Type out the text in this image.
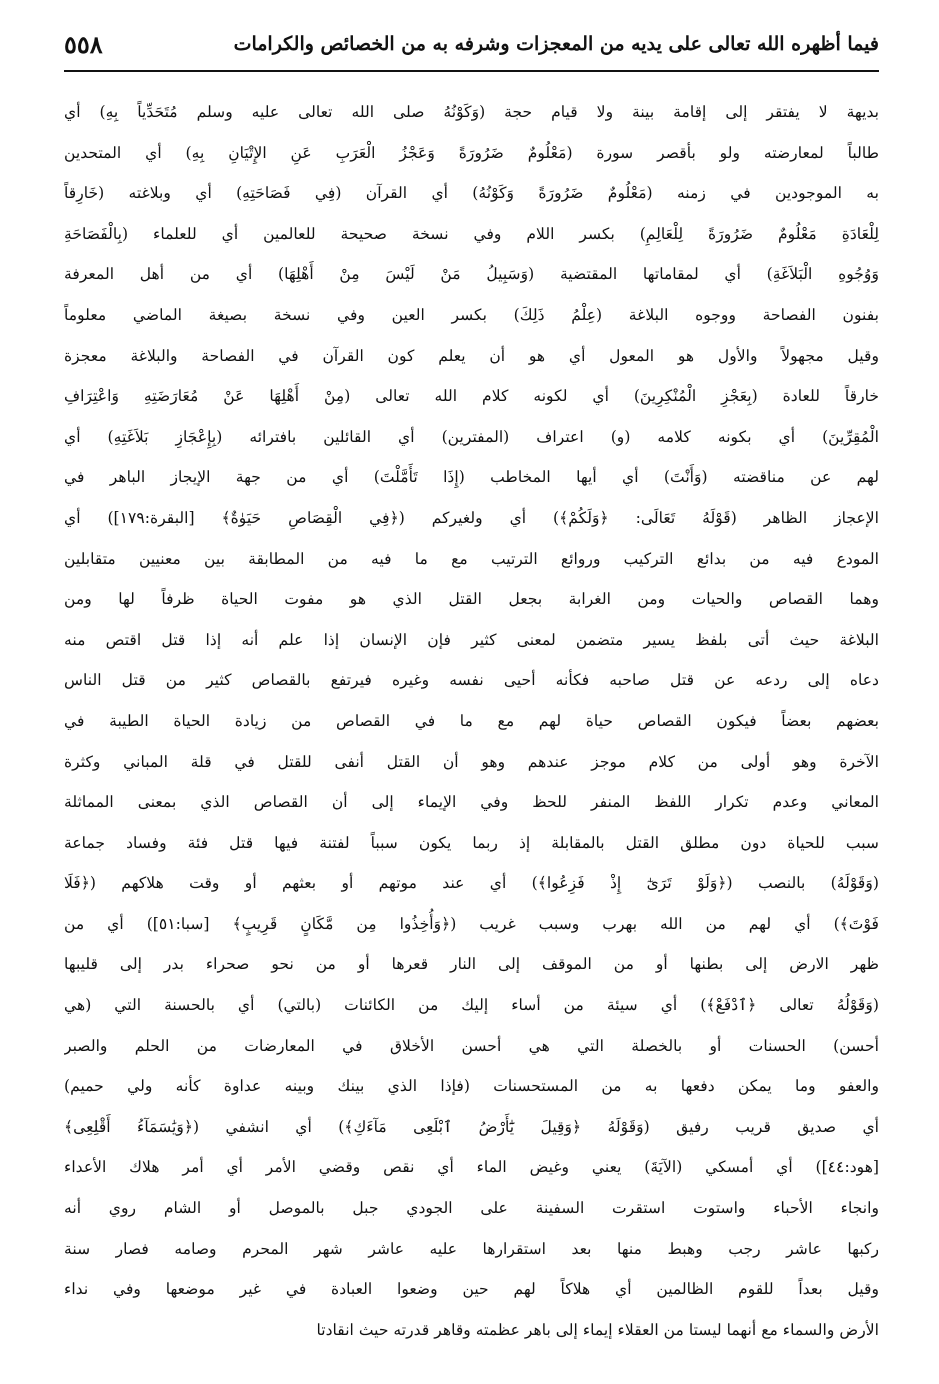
فيما أظهره الله تعالى على يديه من المعجزات وشرفه به من الخصائص والكرامات
٥٥٨
بديهة لا يفتقر إلى إقامة بينة ولا قيام حجة (وَكَوْنُهُ صلى الله تعالى عليه وسلم مُتَحَدِّياً بِهِ) أي
طالباً لمعارضته ولو بأقصر سورة (مَعْلُومٌ ضَرُورَةً وَعَجْزُ الْعَرَبِ عَنِ الإِتْيَانِ بِهِ) أي المتحدين
به الموجودين في زمنه (مَعْلُومٌ ضَرُورَةً وَكَوْنُهُ) أي القرآن (فِي فَصَاحَتِهِ) أي وبلاغته (خَارِقاً
لِلْعَادَةِ مَعْلُومٌ ضَرُورَةً لِلْعَالِمِ) بكسر اللام وفي نسخة صحيحة للعالمين أي للعلماء (بِالْفَصَاحَةِ
وَوُجُوهِ الْبَلاَغَةِ) أي لمقاماتها المقتضية (وَسَبِيلُ مَنْ لَيْسَ مِنْ أَهْلِهَا) أي من أهل المعرفة
بفنون الفصاحة ووجوه البلاغة (عِلْمُ ذَلِكَ) بكسر العين وفي نسخة بصيغة الماضي معلوماً
وقيل مجهولاً والأول هو المعول أي هو أن يعلم كون القرآن في الفصاحة والبلاغة معجزة
خارقاً للعادة (بِعَجْزِ الْمُنْكِرِينَ) أي لكونه كلام الله تعالى (مِنْ أَهْلِهَا عَنْ مُعَارَضَتِهِ وَاعْتِرَافِ
الْمُقِرِّينَ) أي بكونه كلامه (و) اعتراف (المفترين) أي القائلين بافترائه (بِإِعْجَازِ بَلاَغَتِهِ) أي
لهم عن مناقضته (وَأَنْتَ) أي أيها المخاطب (إِذَا تَأَمَّلْتَ) أي من جهة الإيجاز الباهر في
الإعجاز الظاهر (قَوْلَهُ تَعَالَى: ﴿وَلَكُمْ﴾) أي ولغيركم (﴿فِي الْقِصَاصِ حَيَوٰةٌ﴾ [البقرة:١٧٩]) أي
المودع فيه من بدائع التركيب وروائع الترتيب مع ما فيه من المطابقة بين معنيين متقابلين
وهما القصاص والحيات ومن الغرابة بجعل القتل الذي هو مفوت الحياة ظرفاً لها ومن
البلاغة حيث أتى بلفظ يسير متضمن لمعنى كثير فإن الإنسان إذا علم أنه إذا قتل اقتص منه
دعاه إلى ردعه عن قتل صاحبه فكأنه أحيى نفسه وغيره فيرتفع بالقصاص كثير من قتل الناس
بعضهم بعضاً فيكون القصاص حياة لهم مع ما في القصاص من زيادة الحياة الطيبة في
الآخرة وهو أولى من كلام موجز عندهم وهو أن القتل أنفى للقتل في قلة المباني وكثرة
المعاني وعدم تكرار اللفظ المنفر للحظ وفي الإيماء إلى أن القصاص الذي بمعنى المماثلة
سبب للحياة دون مطلق القتل بالمقابلة إذ ربما يكون سبباً لفتنة فيها قتل فئة وفساد جماعة
(وَقَوْلَهُ) بالنصب (﴿وَلَوْ تَرَىٰٓ إِذْ فَزِعُوا﴾) أي عند موتهم أو بعثهم أو وقت هلاكهم (﴿فَلَا
فَوْتَ﴾) أي لهم من الله بهرب وسبب غريب (﴿وَأُخِذُوا مِن مَّكَانٍ قَرِيبٍ﴾ [سبا:٥١]) أي من
ظهر الارض إلى بطنها أو من الموقف إلى النار قعرها أو من نحو صحراء بدر إلى قليبها
(وَقَوْلُهُ تعالى ﴿ٱدْفَعْ﴾) أي سيئة من أساء إليك من الكائنات (بالتي) أي بالحسنة التي (هي
أحسن) الحسنات أو بالخصلة التي هي أحسن الأخلاق في المعارضات من الحلم والصبر
والعفو وما يمكن دفعها به من المستحسنات (فإذا الذي بينك وبينه عداوة كأنه ولي حميم)
أي صديق قريب رفيق (وَقَوْلَهُ ﴿وَقِيلَ يَٰٓأَرْضُ ٱبْلَعِى مَآءَكِ﴾) أي انشفي (﴿وَيَٰسَمَآءُ أَقْلِعِى﴾
[هود:٤٤]) أي أمسكي (الآيَةَ) يعني وغيض الماء أي نقص وقضي الأمر أي أمر هلاك الأعداء
وانجاء الأحباء واستوت استقرت السفينة على الجودي جبل بالموصل أو الشام روي أنه
ركبها عاشر رجب وهبط منها بعد استقرارها عليه عاشر شهر المحرم وصامه فصار سنة
وقيل بعداً للقوم الظالمين أي هلاكاً لهم حين وضعوا العبادة في غير موضعها وفي نداء
الأرض والسماء مع أنهما ليستا من العقلاء إيماء إلى باهر عظمته وقاهر قدرته حيث انقادتا
